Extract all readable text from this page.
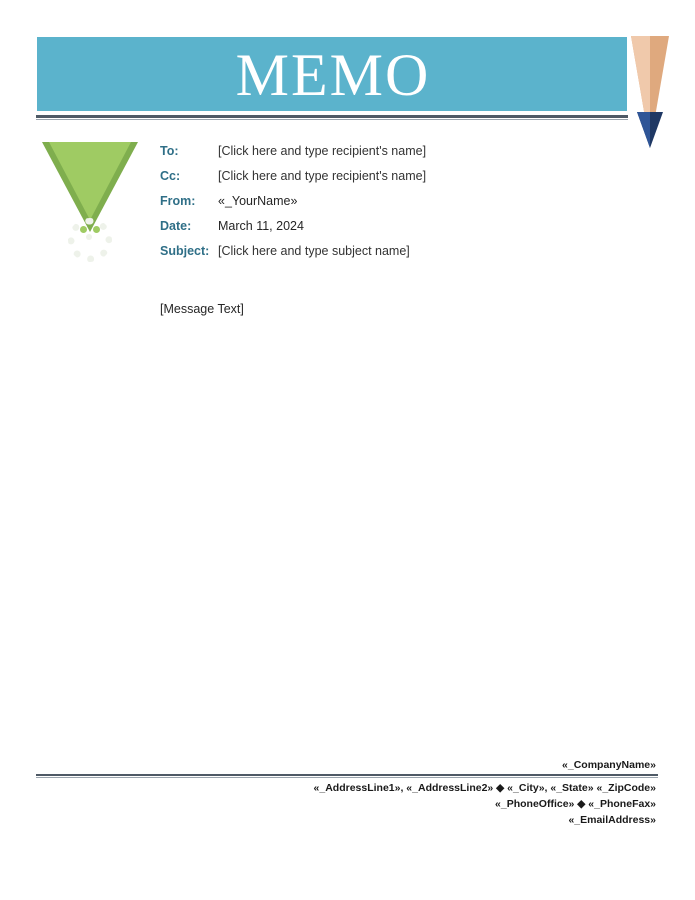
MEMO
To:	[Click here and type recipient's name]
Cc:	[Click here and type recipient's name]
From:	«_YourName»
Date:	March 11, 2024
Subject: [Click here and type subject name]
[Message Text]
«_CompanyName»
«_AddressLine1», «_AddressLine2» ◆ «_City», «_State» «_ZipCode»
«_PhoneOffice» ◆ «_PhoneFax»
«_EmailAddress»
